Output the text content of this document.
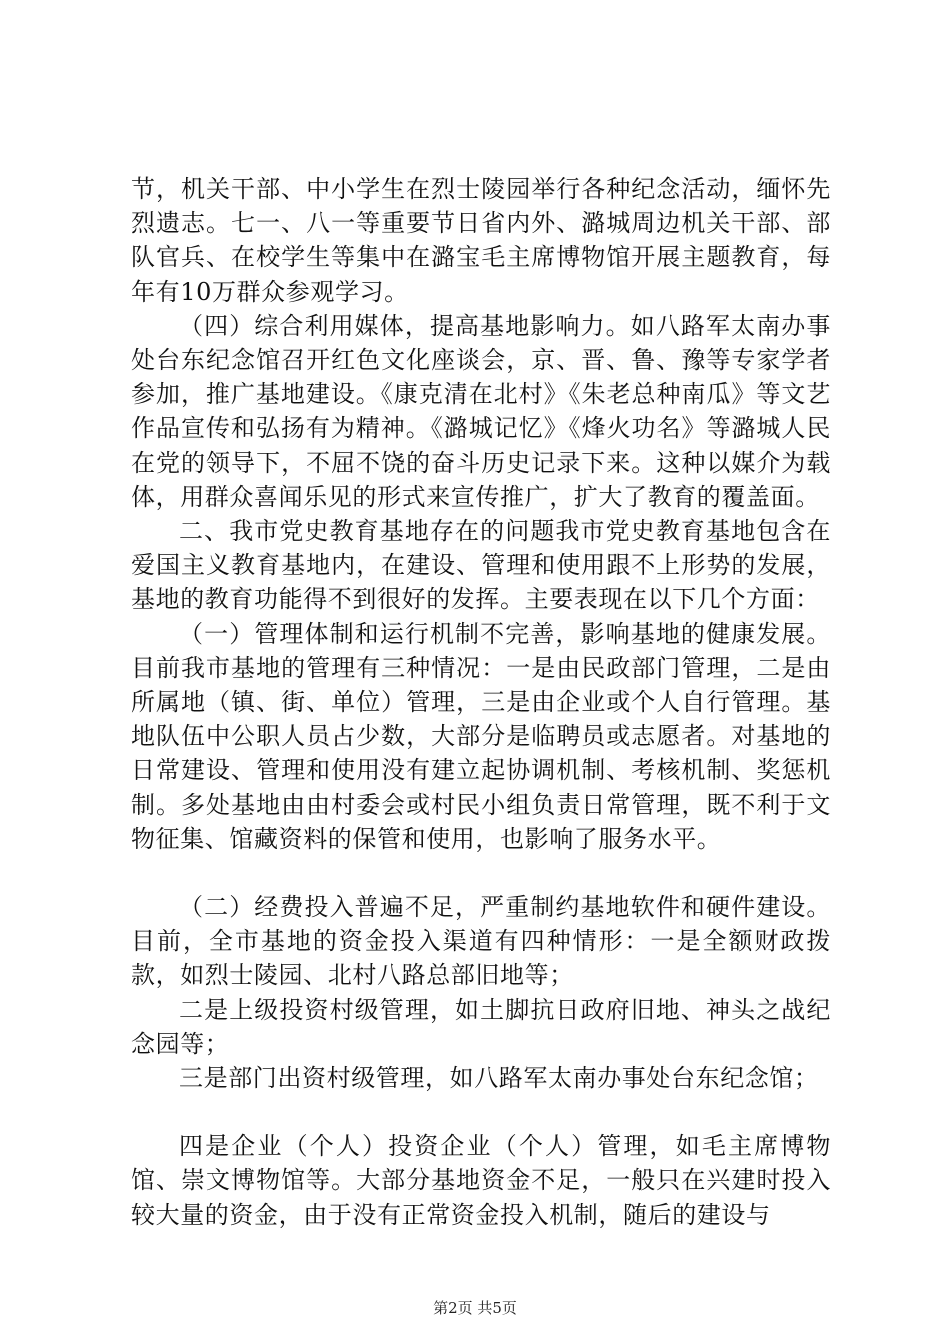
节，机关干部、中小学生在烈士陵园举行各种纪念活动，缅怀先烈遗志。七一、八一等重要节日省内外、潞城周边机关干部、部队官兵、在校学生等集中在潞宝毛主席博物馆开展主题教育，每年有10万群众参观学习。

（四）综合利用媒体，提高基地影响力。如八路军太南办事处台东纪念馆召开红色文化座谈会，京、晋、鲁、豫等专家学者参加，推广基地建设。《康克清在北村》《朱老总种南瓜》等文艺作品宣传和弘扬有为精神。《潞城记忆》《烽火功名》等潞城人民在党的领导下，不屈不饶的奋斗历史记录下来。这种以媒介为载体，用群众喜闻乐见的形式来宣传推广，扩大了教育的覆盖面。

二、我市党史教育基地存在的问题我市党史教育基地包含在爱国主义教育基地内，在建设、管理和使用跟不上形势的发展，基地的教育功能得不到很好的发挥。主要表现在以下几个方面：

（一）管理体制和运行机制不完善，影响基地的健康发展。目前我市基地的管理有三种情况：一是由民政部门管理，二是由所属地（镇、街、单位）管理，三是由企业或个人自行管理。基地队伍中公职人员占少数，大部分是临聘员或志愿者。对基地的日常建设、管理和使用没有建立起协调机制、考核机制、奖惩机制。多处基地由由村委会或村民小组负责日常管理，既不利于文物征集、馆藏资料的保管和使用，也影响了服务水平。

（二）经费投入普遍不足，严重制约基地软件和硬件建设。目前，全市基地的资金投入渠道有四种情形：一是全额财政拨款，如烈士陵园、北村八路总部旧地等；

二是上级投资村级管理，如土脚抗日政府旧地、神头之战纪念园等；

三是部门出资村级管理，如八路军太南办事处台东纪念馆；

四是企业（个人）投资企业（个人）管理，如毛主席博物馆、崇文博物馆等。大部分基地资金不足，一般只在兴建时投入较大量的资金，由于没有正常资金投入机制，随后的建设与

第2页 共5页
